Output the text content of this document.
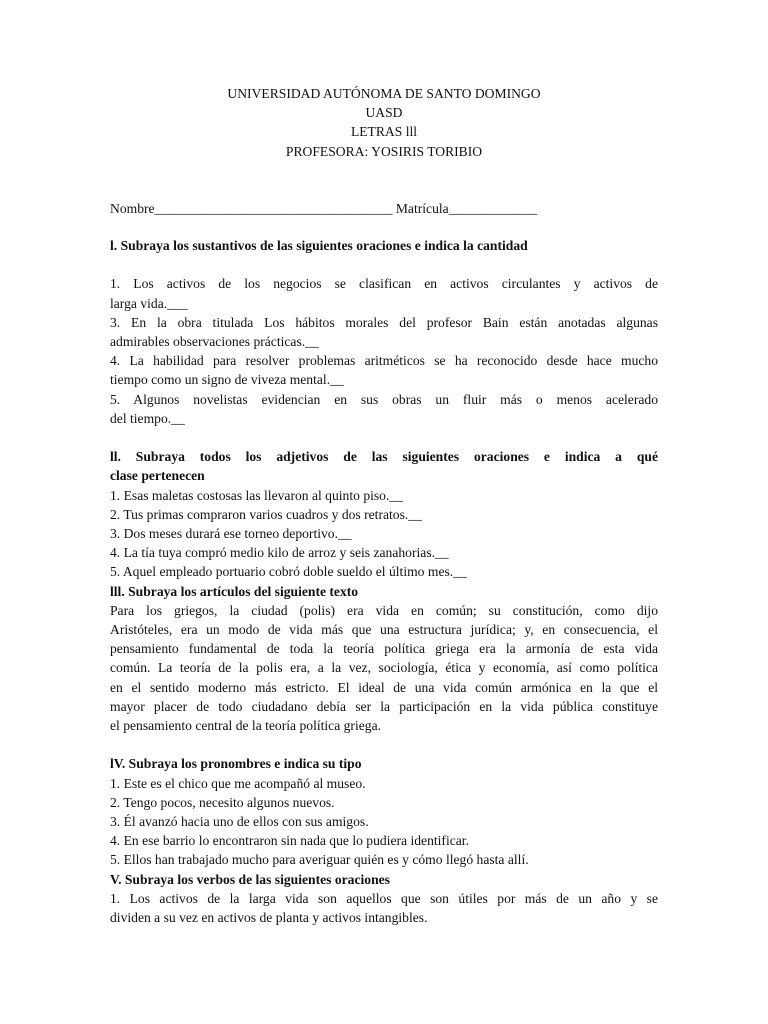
UNIVERSIDAD AUTÓNOMA DE SANTO DOMINGO
UASD
LETRAS lll
PROFESORA: YOSIRIS TORIBIO
Nombre___________________________________ Matrícula_____________
l. Subraya los sustantivos de las siguientes oraciones e indica la cantidad
1. Los activos de los negocios se clasifican en activos circulantes y activos de
larga vida.___
3. En la obra titulada Los hábitos morales del profesor Bain están anotadas algunas
admirables observaciones prácticas.__
4. La habilidad para resolver problemas aritméticos se ha reconocido desde hace mucho
tiempo como un signo de viveza mental.__
5. Algunos novelistas evidencian en sus obras un fluir más o menos acelerado
del tiempo.__
ll. Subraya todos los adjetivos de las siguientes oraciones e indica a qué
clase pertenecen
1. Esas maletas costosas las llevaron al quinto piso.__
2. Tus primas compraron varios cuadros y dos retratos.__
3. Dos meses durará ese torneo deportivo.__
4. La tía tuya compró medio kilo de arroz y seis zanahorias.__
5. Aquel empleado portuario cobró doble sueldo el último mes.__
lll. Subraya los artículos del siguiente texto
Para los griegos, la ciudad (polis) era vida en común; su constitución, como dijo
Aristóteles, era un modo de vida más que una estructura jurídica; y, en consecuencia, el
pensamiento fundamental de toda la teoría política griega era la armonía de esta vida
común. La teoría de la polis era, a la vez, sociología, ética y economía, así como política
en el sentido moderno más estricto. El ideal de una vida común armónica en la que el
mayor placer de todo ciudadano debía ser la participación en la vida pública constituye
el pensamiento central de la teoría política griega.
lV. Subraya los pronombres e indica su tipo
1. Este es el chico que me acompañó al museo.
2. Tengo pocos, necesito algunos nuevos.
3. Él avanzó hacia uno de ellos con sus amigos.
4. En ese barrio lo encontraron sin nada que lo pudiera identificar.
5. Ellos han trabajado mucho para averiguar quién es y cómo llegó hasta allí.
V. Subraya los verbos de las siguientes oraciones
1. Los activos de la larga vida son aquellos que son útiles por más de un año y se
dividen a su vez en activos de planta y activos intangibles.
